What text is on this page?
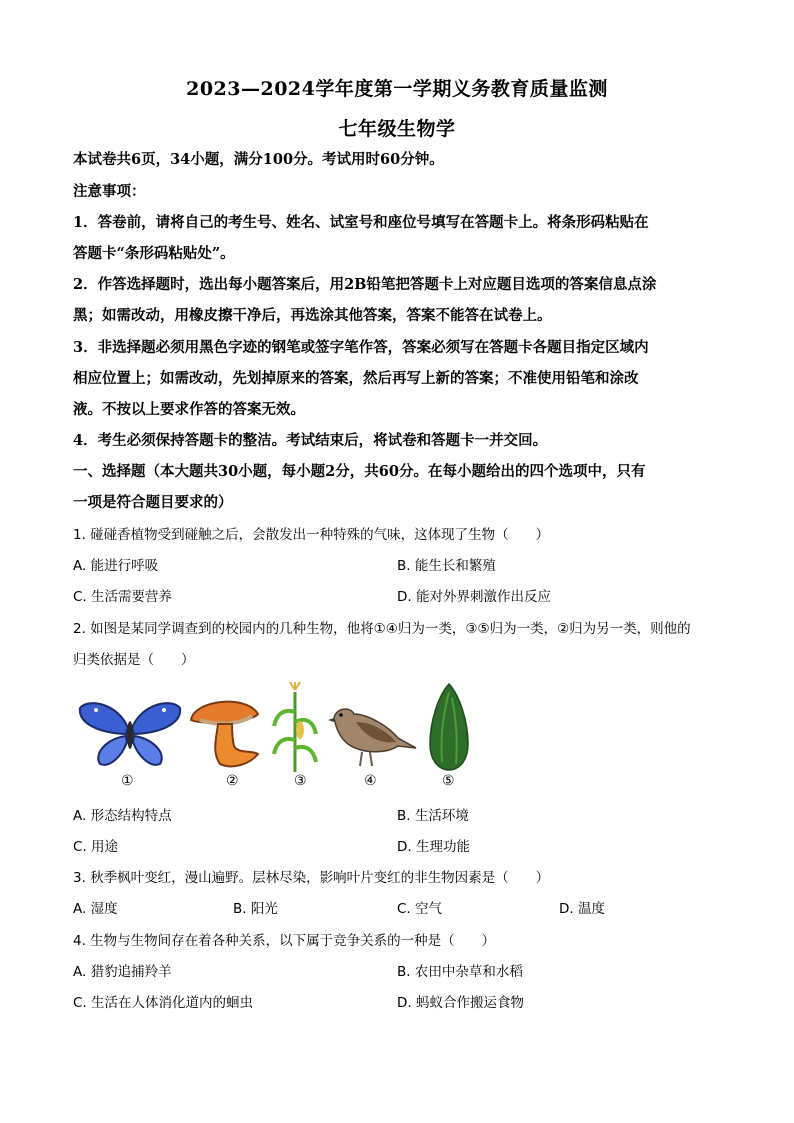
2023—2024学年度第一学期义务教育质量监测
七年级生物学
本试卷共6页，34小题，满分100分。考试用时60分钟。
注意事项：
1．答卷前，请将自己的考生号、姓名、试室号和座位号填写在答题卡上。将条形码粘贴在
答题卡“条形码粘贴处”。
2．作答选择题时，选出每小题答案后，用2B铅笔把答题卡上对应题目选项的答案信息点涂
黑；如需改动，用橡皮擦干净后，再选涂其他答案，答案不能答在试卷上。
3．非选择题必须用黑色字迹的钢笔或签字笔作答，答案必须写在答题卡各题目指定区域内
相应位置上；如需改动，先划掉原来的答案，然后再写上新的答案；不准使用铅笔和涂改
液。不按以上要求作答的答案无效。
4．考生必须保持答题卡的整洁。考试结束后，将试卷和答题卡一并交回。
一、选择题（本大题共30小题，每小题2分，共60分。在每小题给出的四个选项中，只有
一项是符合题目要求的）
1. 碰碰香植物受到碰触之后，会散发出一种特殊的气味，这体现了生物（　　）
A. 能进行呼吸	B. 能生长和繁殖
C. 生活需要营养	D. 能对外界刺激作出反应
2. 如图是某同学调查到的校园内的几种生物，他将①④归为一类，③⑤归为一类，②归为另一类，则他的
归类依据是（　　）
①	②	③	④	⑤
A. 形态结构特点	B. 生活环境
C. 用途	D. 生理功能
3. 秋季枫叶变红，漫山遍野。层林尽染，影响叶片变红的非生物因素是（　　）
A. 湿度	B. 阳光	C. 空气	D. 温度
4. 生物与生物间存在着各种关系，以下属于竞争关系的一种是（　　）
A. 猎豹追捕羚羊	B. 农田中杂草和水稻
C. 生活在人体消化道内的蛔虫	D. 蚂蚁合作搬运食物
